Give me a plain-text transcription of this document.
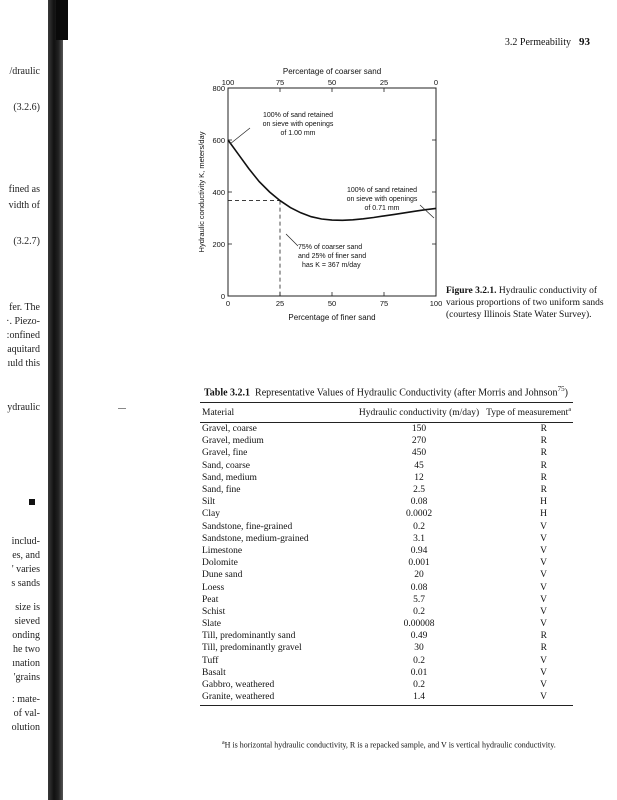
/draulic
(3.2.6)
fined as
vidth of
(3.2.7)
fer. The
·. Piezo-
:onfined
aquitard
ıuld this
ydraulic
includ-
es, and
' varies
s sands
size is
sieved
onding
he two
ınation
'grains
: mate-
of val-
olution
3.2 Permeability 93
Percentage of coarser sand
100	75	50	25	0
0	25	50	75	100
0
200
400
600
800
Percentage of finer sand
Hydraulic conductivity K, meters/day
100% of sand retained
on sieve with openings
of 1.00 mm
100% of sand retained
on sieve with openings
of 0.71 mm
75% of coarser sand
and 25% of finer sand
has K = 367 m/day
Figure 3.2.1. Hydraulic conductivity of various proportions of two uniform sands (courtesy Illinois State Water Survey).
Table 3.2.1 Representative Values of Hydraulic Conductivity (after Morris and Johnson$^{75}$)
Material	Hydraulic conductivity (m/day)	Type of measurement$^a$
Gravel, coarse	150	R
Gravel, medium	270	R
Gravel, fine	450	R
Sand, coarse	45	R
Sand, medium	12	R
Sand, fine	2.5	R
Silt	0.08	H
Clay	0.0002	H
Sandstone, fine-grained	0.2	V
Sandstone, medium-grained	3.1	V
Limestone	0.94	V
Dolomite	0.001	V
Dune sand	20	V
Loess	0.08	V
Peat	5.7	V
Schist	0.2	V
Slate	0.00008	V
Till, predominantly sand	0.49	R
Till, predominantly gravel	30	R
Tuff	0.2	V
Basalt	0.01	V
Gabbro, weathered	0.2	V
Granite, weathered	1.4	V
$^a$H is horizontal hydraulic conductivity, R is a repacked sample, and V is vertical hydraulic conductivity.
